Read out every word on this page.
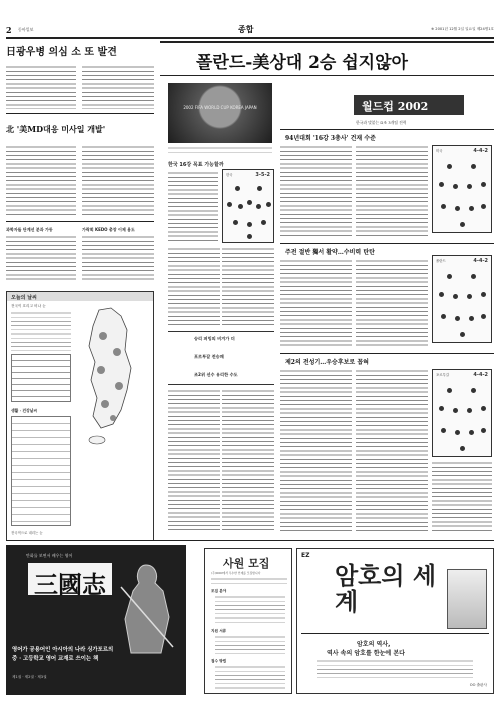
2 동아일보	종합	※ 2001년 12월 2일 일요일 제24명1호
日광우병 의심 소 또 발견
北 '美MD대응 미사일 개발'
과학자들 단계선 분과 가동	가락회 KEDO 총장 이제 용도
오늘의 날씨
전국이 흐리고 비나 눈
생활 · 건강날씨
전국적으로 내리는 눈
폴란드-美상대 2승 쉽지않아
2002 FIFA WORLD CUP KOREA JAPAN	월드컵 2002
한국과 맞붙는 D조 3개팀 전력
94년대회 '16강 3총사' 건재 수준
미국	4-4-2
주전 절반 獨서 활약…수비력 탄탄
폴란드	4-4-2
제2의 전성기…우승후보로 꼽혀
포르투갈	4-4-2
한국 16강 목표 가능할까
한국	3-5-2
승리 퍼밍의 비겨가 더
포르투갈 전승패
조2위 선수 유리한 수도
만화를 보면서 배우는 영어
三國志
영어가 공용어인 아시아의 나라 싱가포르의
중 · 고등학교 영어 교재로 쓰이는 책
제1권 · 제2권 · 제3권
사원 모집
(주)OOO에서 우수한 인재를 모집합니다
모집 분야
지원 서류
접수 방법
EZ
암호의 세계
암호의 역사,
역사 속의 암호를 한눈에 본다
OO 출판사
